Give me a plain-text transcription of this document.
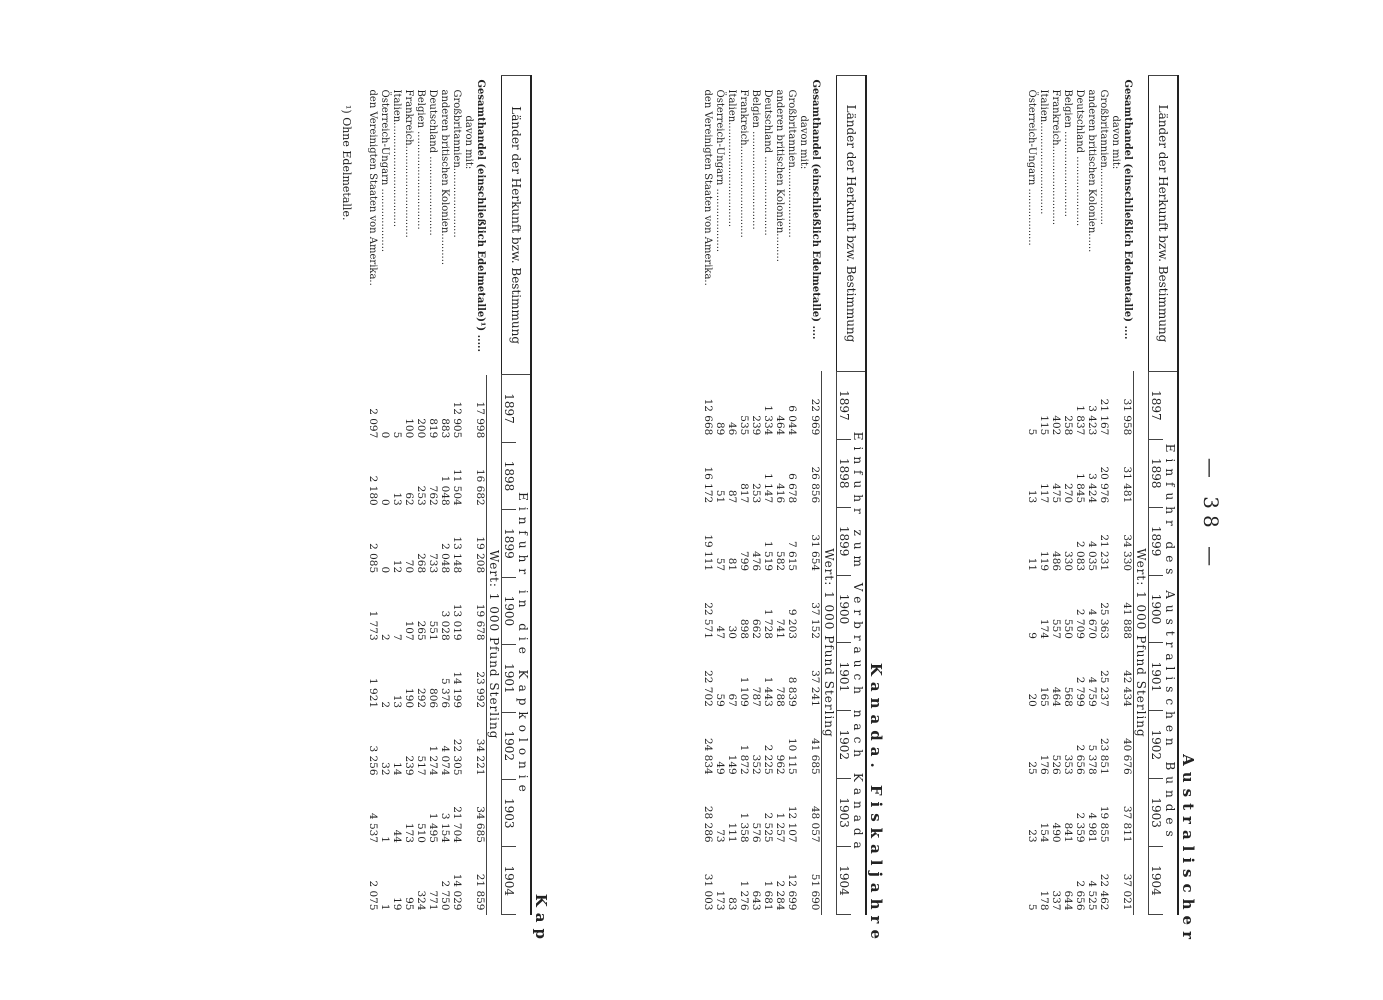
— 38 —
Australischer
Länder der Herkunft bzw. Bestimmung	Einfuhr des Australischen Bundes							
	1897	1898	1899	1900	1901	1902	1903	1904
	Wert: 1 000 Pfund Sterling							
Gesamthandel (einschließlich Edelmetalle) ....	31 958	31 481	34 330	41 888	42 434	40 676	37 811	37 021
davon mit:								
Großbritannien..................	21 167	20 976	21 231	25 363	25 237	23 851	19 855	22 462
anderen britischen Kolonien......	3 423	3 424	4 035	4 670	4 759	5 378	4 981	4 525
Deutschland ......................	1 837	1 845	2 083	2 709	2 799	2 656	2 359	2 656
Belgien ...........................	258	270	330	550	568	353	841	644
Frankreich.........................	402	475	486	557	464	526	490	337
Italien.............................	115	117	119	174	165	176	154	178
Österreich-Ungarn ..................	5	13	11	9	20	25	23	5
Kanada. Fiskaljahre
Länder der Herkunft bzw. Bestimmung	Einfuhr zum Verbrauch nach Kanada							
	1897	1898	1899	1900	1901	1902	1903	1904
	Wert: 1 000 Pfund Sterling							
Gesamthandel (einschließlich Edelmetalle) ....	22 969	26 856	31 654	37 152	37 241	41 685	48 057	51 690
davon mit:								
Großbritannien......................	6 044	6 678	7 615	9 203	8 839	10 115	12 107	12 699
anderen britischen Kolonien.........	464	416	582	741	788	962	1 257	2 284
Deutschland .........................	1 334	1 147	1 519	1 728	1 443	2 225	2 525	1 681
Belgien ...............................	239	253	476	662	787	352	576	643
Frankreich.............................	535	817	799	898	1 109	1 872	1 358	1 276
Italien.................................	46	87	81	30	67	149	111	83
Österreich-Ungarn ....................	89	51	57	47	59	49	73	173
den Vereinigten Staaten von Amerika..	12 668	16 172	19 111	22 571	22 702	24 834	28 286	31 003
Kap
Länder der Herkunft bzw. Bestimmung	Einfuhr in die Kapkolonie							
	1897	1898	1899	1900	1901	1902	1903	1904
	Wert: 1 000 Pfund Sterling							
Gesamthandel (einschließlich Edelmetalle)¹) .....	17 998	16 682	19 208	19 678	23 992	34 221	34 685	21 859
davon mit:								
Großbritannien......................	12 905	11 504	13 148	13 019	14 199	22 305	21 704	14 029
anderen britischen Kolonien..........	883	1 048	2 048	3 028	5 376	4 074	3 154	2 750
Deutschland .........................	819	762	733	551	806	1 274	1 495	771
Belgien ...............................	200	253	268	265	292	517	510	324
Frankreich.............................	100	62	70	107	190	239	173	95
Italien.................................	5	13	12	7	13	14	44	19
Österreich-Ungarn ....................	0	0	0	2	2	32	1	1
den Vereinigten Staaten von Amerika..	2 097	2 180	2 085	1 773	1 921	3 256	4 537	2 075
¹) Ohne Edelmetalle.
